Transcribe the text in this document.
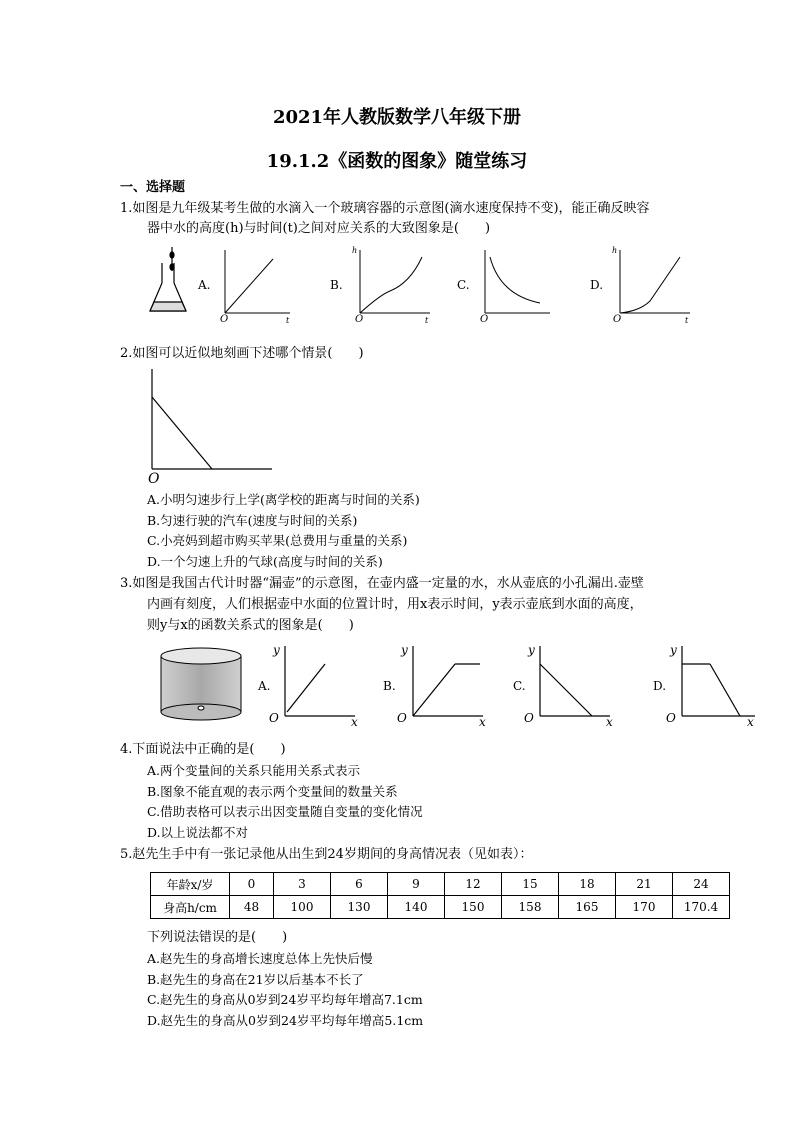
2021年人教版数学八年级下册
19.1.2《函数的图象》随堂练习
一、选择题
1.如图是九年级某考生做的水滴入一个玻璃容器的示意图(滴水速度保持不变)，能正确反映容
器中水的高度(h)与时间(t)之间对应关系的大致图象是(　　)
A.
O	t
B.
h
O	t
C.
O
D.
h
O	t
2.如图可以近似地刻画下述哪个情景(　　)
O
A.小明匀速步行上学(离学校的距离与时间的关系)
B.匀速行驶的汽车(速度与时间的关系)
C.小亮妈到超市购买苹果(总费用与重量的关系)
D.一个匀速上升的气球(高度与时间的关系)
3.如图是我国古代计时器“漏壶”的示意图，在壶内盛一定量的水，水从壶底的小孔漏出.壶壁
内画有刻度，人们根据壶中水面的位置计时，用x表示时间，y表示壶底到水面的高度，
则y与x的函数关系式的图象是(　　)
A.
y
O	x
B.
y
O	x
C.
y
O	x
D.
y
O	x
4.下面说法中正确的是(　　)
A.两个变量间的关系只能用关系式表示
B.图象不能直观的表示两个变量间的数量关系
C.借助表格可以表示出因变量随自变量的变化情况
D.以上说法都不对
5.赵先生手中有一张记录他从出生到24岁期间的身高情况表（见如表）：
年龄x/岁	0	3	6	9	12	15	18	21	24
身高h/cm	48	100	130	140	150	158	165	170	170.4
下列说法错误的是(　　)
A.赵先生的身高增长速度总体上先快后慢
B.赵先生的身高在21岁以后基本不长了
C.赵先生的身高从0岁到24岁平均每年增高7.1cm
D.赵先生的身高从0岁到24岁平均每年增高5.1cm
